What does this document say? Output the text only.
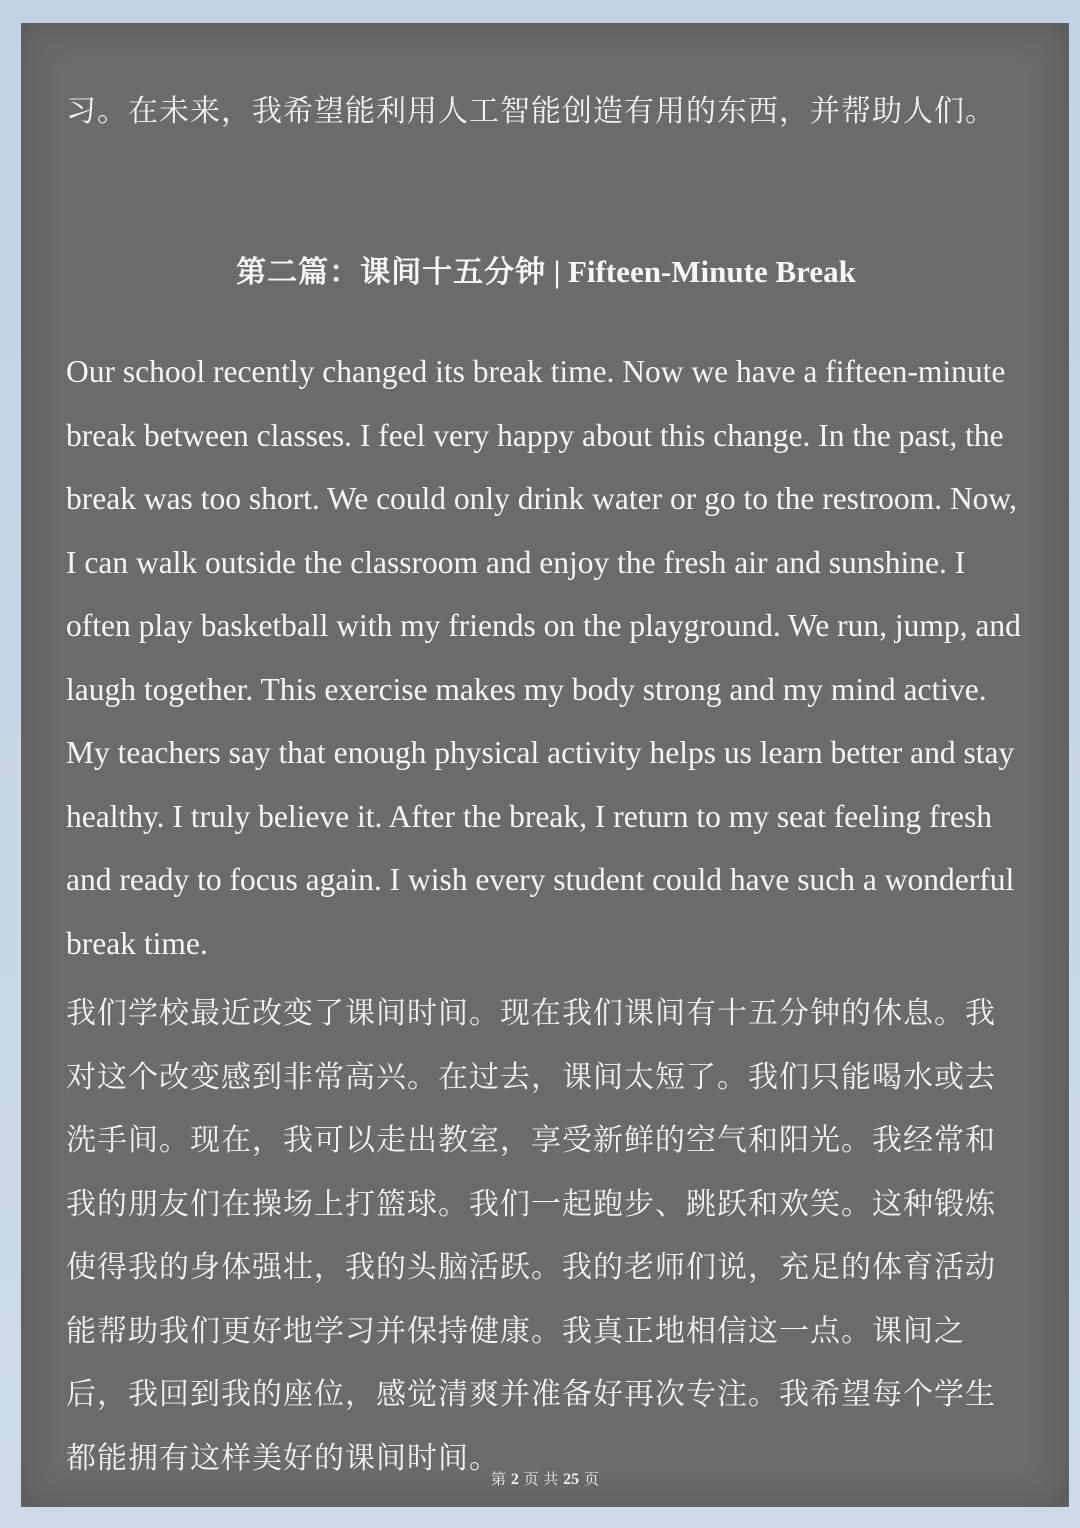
习。在未来，我希望能利用人工智能创造有用的东西，并帮助人们。

第二篇：课间十五分钟 | Fifteen-Minute Break

Our school recently changed its break time. Now we have a fifteen-minute break between classes. I feel very happy about this change. In the past, the break was too short. We could only drink water or go to the restroom. Now, I can walk outside the classroom and enjoy the fresh air and sunshine. I often play basketball with my friends on the playground. We run, jump, and laugh together. This exercise makes my body strong and my mind active. My teachers say that enough physical activity helps us learn better and stay healthy. I truly believe it. After the break, I return to my seat feeling fresh and ready to focus again. I wish every student could have such a wonderful break time.

我们学校最近改变了课间时间。现在我们课间有十五分钟的休息。我对这个改变感到非常高兴。在过去，课间太短了。我们只能喝水或去洗手间。现在，我可以走出教室，享受新鲜的空气和阳光。我经常和我的朋友们在操场上打篮球。我们一起跑步、跳跃和欢笑。这种锻炼使得我的身体强壮，我的头脑活跃。我的老师们说，充足的体育活动能帮助我们更好地学习并保持健康。我真正地相信这一点。课间之后，我回到我的座位，感觉清爽并准备好再次专注。我希望每个学生都能拥有这样美好的课间时间。

第 2 页 共 25 页
